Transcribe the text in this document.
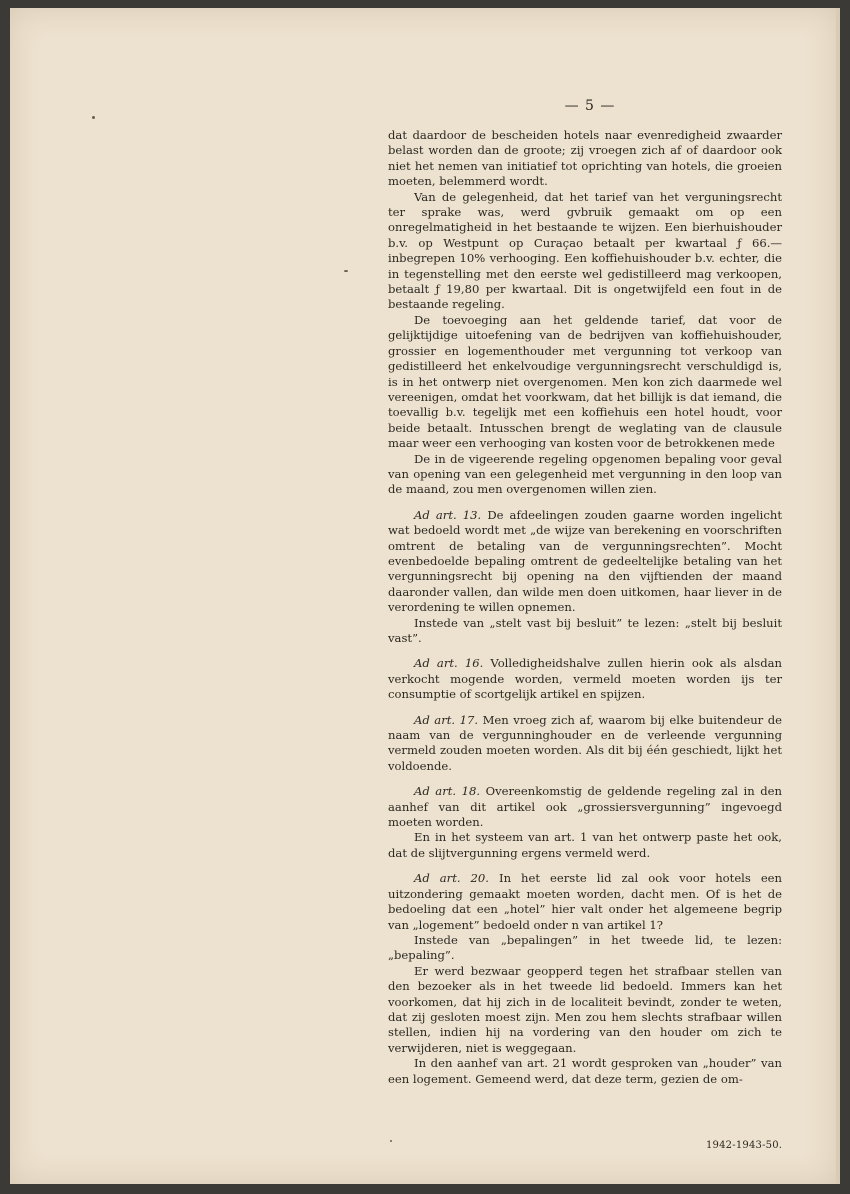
— 5 —

dat daardoor de bescheiden hotels naar evenredigheid zwaarder belast worden dan de groote; zij vroegen zich af of daardoor ook niet het nemen van initiatief tot oprichting van hotels, die groeien moeten, belemmerd wordt.

Van de gelegenheid, dat het tarief van het verguningsrecht ter sprake was, werd gvbruik gemaakt om op een onregelmatigheid in het bestaande te wijzen. Een bierhuishouder b.v. op Westpunt op Curaçao betaalt per kwartaal ƒ 66.— inbegrepen 10% verhooging. Een koffiehuishouder b.v. echter, die in tegenstelling met den eerste wel gedistilleerd mag verkoopen, betaalt ƒ 19,80 per kwartaal. Dit is ongetwijfeld een fout in de bestaande regeling.

De toevoeging aan het geldende tarief, dat voor de gelijktijdige uitoefening van de bedrijven van koffiehuishouder, grossier en logementhouder met vergunning tot verkoop van gedistilleerd het enkelvoudige vergunningsrecht verschuldigd is, is in het ontwerp niet overgenomen. Men kon zich daarmede wel vereenigen, omdat het voorkwam, dat het billijk is dat iemand, die toevallig b.v. tegelijk met een koffiehuis een hotel houdt, voor beide betaalt. Intusschen brengt de weglating van de clausule maar weer een verhooging van kosten voor de betrokkenen mede

De in de vigeerende regeling opgenomen bepaling voor geval van opening van een gelegenheid met vergunning in den loop van de maand, zou men overgenomen willen zien.

Ad art. 13. De afdeelingen zouden gaarne worden ingelicht wat bedoeld wordt met „de wijze van berekening en voorschriften omtrent de betaling van de vergunningsrechten”. Mocht evenbedoelde bepaling omtrent de gedeeltelijke betaling van het vergunningsrecht bij opening na den vijftienden der maand daaronder vallen, dan wilde men doen uitkomen, haar liever in de verordening te willen opnemen.

Instede van „stelt vast bij besluit” te lezen: „stelt bij besluit vast”.

Ad art. 16. Volledigheidshalve zullen hierin ook als alsdan verkocht mogende worden, vermeld moeten worden ijs ter consumptie of scortgelijk artikel en spijzen.

Ad art. 17. Men vroeg zich af, waarom bij elke buitendeur de naam van de vergunninghouder en de verleende vergunning vermeld zouden moeten worden. Als dit bij één geschiedt, lijkt het voldoende.

Ad art. 18. Overeenkomstig de geldende regeling zal in den aanhef van dit artikel ook „grossiersvergunning” ingevoegd moeten worden.

En in het systeem van art. 1 van het ontwerp paste het ook, dat de slijtvergunning ergens vermeld werd.

Ad art. 20. In het eerste lid zal ook voor hotels een uitzondering gemaakt moeten worden, dacht men. Of is het de bedoeling dat een „hotel” hier valt onder het algemeene begrip van „logement” bedoeld onder n van artikel 1?

Instede van „bepalingen” in het tweede lid, te lezen: „bepaling”.

Er werd bezwaar geopperd tegen het strafbaar stellen van den bezoeker als in het tweede lid bedoeld. Immers kan het voorkomen, dat hij zich in de localiteit bevindt, zonder te weten, dat zij gesloten moest zijn. Men zou hem slechts strafbaar willen stellen, indien hij na vordering van den houder om zich te verwijderen, niet is weggegaan.

In den aanhef van art. 21 wordt gesproken van „houder” van een logement. Gemeend werd, dat deze term, gezien de om-

1942-1943-50.
